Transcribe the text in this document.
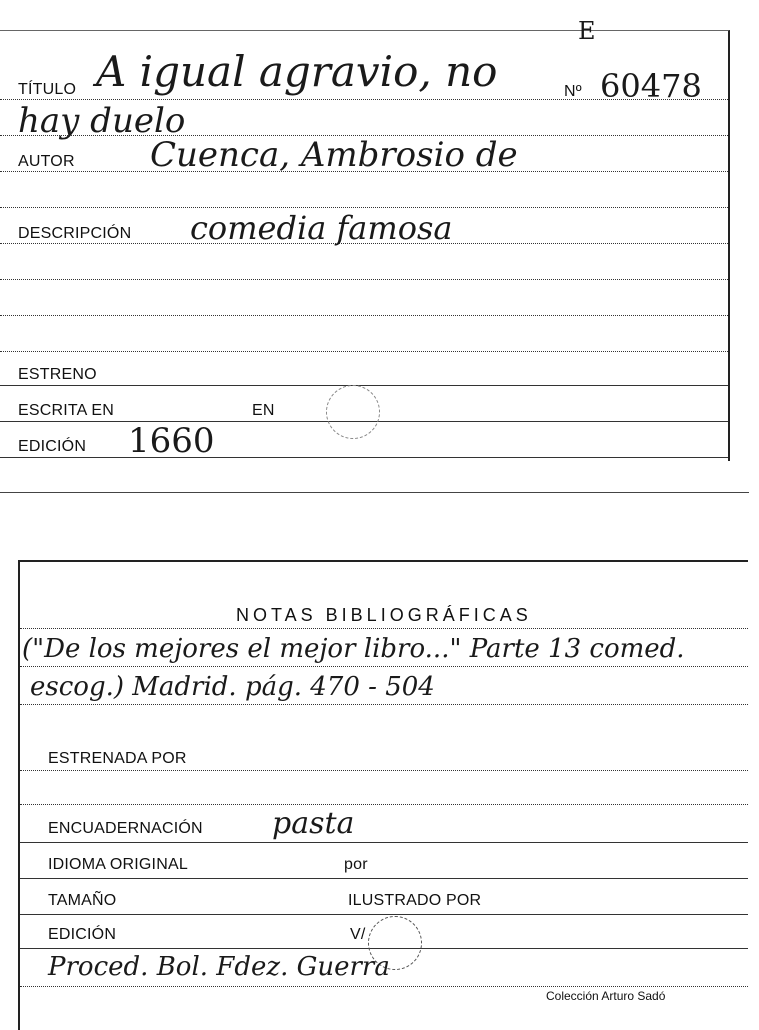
TÍTULO A igual agravio, no
E
Nº 60478
hay duelo
AUTOR Cuenca, Ambrosio de
DESCRIPCIÓN comedia famosa
ESTRENO
ESCRITA EN	EN
EDICIÓN 1660
NOTAS BIBLIOGRÁFICAS
("De los mejores el mejor libro..." Parte 13 comed.
escog.) Madrid. pág. 470 - 504
ESTRENADA POR
ENCUADERNACIÓN pasta
IDIOMA ORIGINAL	por
TAMAÑO	ILUSTRADO POR
EDICIÓN	V/
Proced. Bol. Fdez. Guerra
Colección Arturo Sadó
